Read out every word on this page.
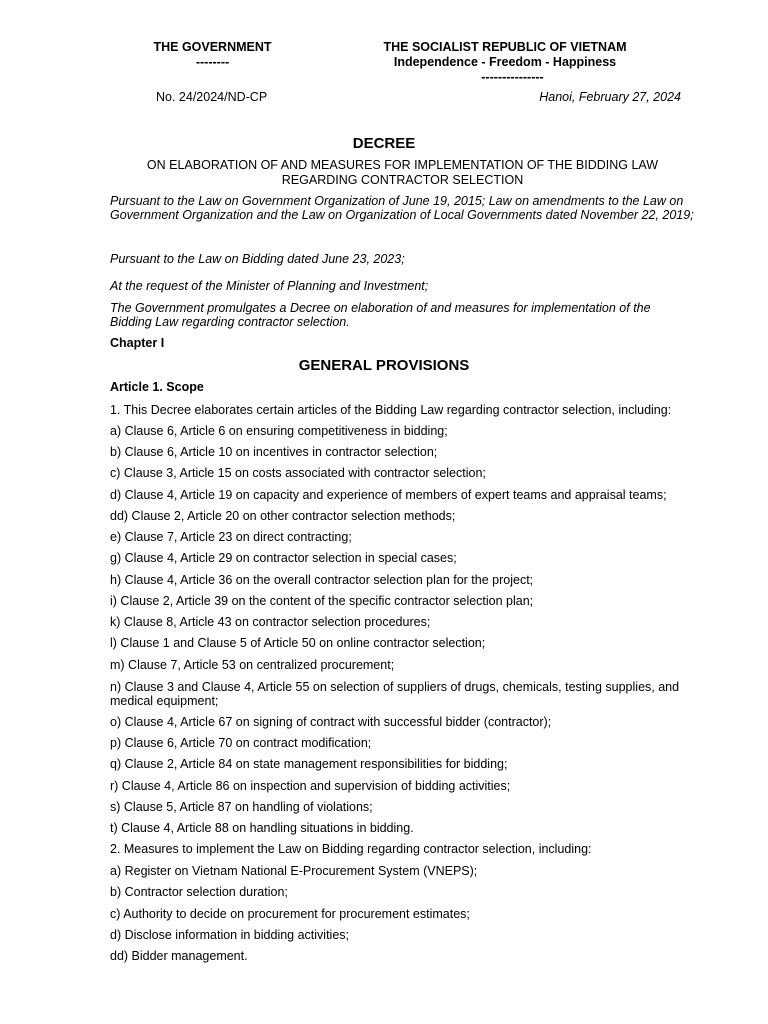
THE GOVERNMENT
--------
THE SOCIALIST REPUBLIC OF VIETNAM
Independence - Freedom - Happiness
---------------
No. 24/2024/ND-CP	Hanoi, February 27, 2024
DECREE
ON ELABORATION OF AND MEASURES FOR IMPLEMENTATION OF THE BIDDING LAW
REGARDING CONTRACTOR SELECTION
Pursuant to the Law on Government Organization of June 19, 2015; Law on amendments to the Law on Government Organization and the Law on Organization of Local Governments dated November 22, 2019;
Pursuant to the Law on Bidding dated June 23, 2023;
At the request of the Minister of Planning and Investment;
The Government promulgates a Decree on elaboration of and measures for implementation of the Bidding Law regarding contractor selection.
Chapter I
GENERAL PROVISIONS
Article 1. Scope
1. This Decree elaborates certain articles of the Bidding Law regarding contractor selection, including:
a) Clause 6, Article 6 on ensuring competitiveness in bidding;
b) Clause 6, Article 10 on incentives in contractor selection;
c) Clause 3, Article 15 on costs associated with contractor selection;
d) Clause 4, Article 19 on capacity and experience of members of expert teams and appraisal teams;
dd) Clause 2, Article 20 on other contractor selection methods;
e) Clause 7, Article 23 on direct contracting;
g) Clause 4, Article 29 on contractor selection in special cases;
h) Clause 4, Article 36 on the overall contractor selection plan for the project;
i) Clause 2, Article 39 on the content of the specific contractor selection plan;
k) Clause 8, Article 43 on contractor selection procedures;
l) Clause 1 and Clause 5 of Article 50 on online contractor selection;
m) Clause 7, Article 53 on centralized procurement;
n) Clause 3 and Clause 4, Article 55 on selection of suppliers of drugs, chemicals, testing supplies, and medical equipment;
o) Clause 4, Article 67 on signing of contract with successful bidder (contractor);
p) Clause 6, Article 70 on contract modification;
q) Clause 2, Article 84 on state management responsibilities for bidding;
r) Clause 4, Article 86 on inspection and supervision of bidding activities;
s) Clause 5, Article 87 on handling of violations;
t) Clause 4, Article 88 on handling situations in bidding.
2. Measures to implement the Law on Bidding regarding contractor selection, including:
a) Register on Vietnam National E-Procurement System (VNEPS);
b) Contractor selection duration;
c) Authority to decide on procurement for procurement estimates;
d) Disclose information in bidding activities;
dd) Bidder management.
